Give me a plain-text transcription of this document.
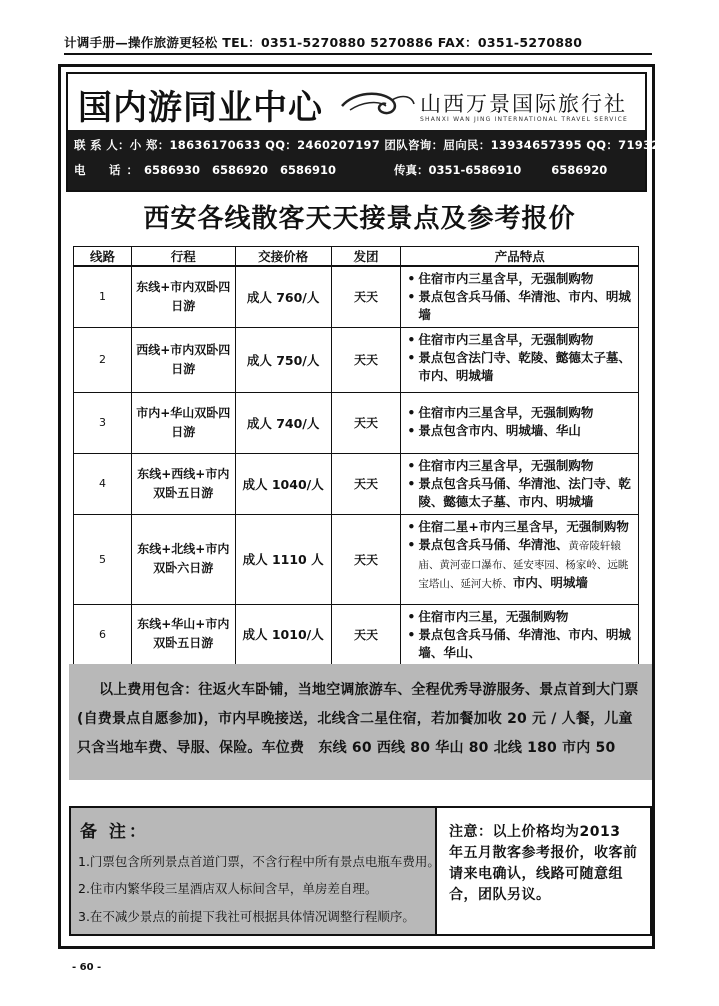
计调手册—操作旅游更轻松 TEL：0351-5270880 5270886 FAX：0351-5270880
国内游同业中心	山西万景国际旅行社
SHANXI WAN JING INTERNATIONAL TRAVEL SERVICE
联 系 人：小 郑：18636170633 QQ：2460207197 团队咨询：屈向民：13934657395 QQ：719329599
电　话：6586930 6586920 6586910	传真：0351-6586910	6586920
西安各线散客天天接景点及参考报价
线路	行程	交接价格	发团	产品特点
1	东线+市内双卧四日游	成人 760/人	天天	• 住宿市内三星含早，无强制购物
• 景点包含兵马俑、华清池、市内、明城墙

2	西线+市内双卧四日游	成人 750/人	天天	• 住宿市内三星含早，无强制购物
• 景点包含法门寺、乾陵、懿德太子墓、市内、明城墙

3	市内+华山双卧四日游	成人 740/人	天天	• 住宿市内三星含早，无强制购物
• 景点包含市内、明城墙、华山

4	东线+西线+市内双卧五日游	成人 1040/人	天天	• 住宿市内三星含早，无强制购物
• 景点包含兵马俑、华清池、法门寺、乾陵、懿德太子墓、市内、明城墙

5	东线+北线+市内双卧六日游	成人 1110 人	天天	• 住宿二星+市内三星含早，无强制购物
• 景点包含兵马俑、华清池、黄帝陵轩辕庙、黄河壶口瀑布、延安枣园、杨家岭、远眺宝塔山、延河大桥、市内、明城墙

6	东线+华山+市内双卧五日游	成人 1010/人	天天	• 住宿市内三星，无强制购物
• 景点包含兵马俑、华清池、市内、明城墙、华山、
以上费用包含：往返火车卧铺，当地空调旅游车、全程优秀导游服务、景点首到大门票(自费景点自愿参加)，市内早晚接送，北线含二星住宿，若加餐加收 20 元 / 人餐，儿童只含当地车费、导服、保险。车位费　东线 60 西线 80 华山 80 北线 180 市内 50
备 注：
1.门票包含所列景点首道门票，不含行程中所有景点电瓶车费用。
2.住市内繁华段三星酒店双人标间含早，单房差自理。
3.在不减少景点的前提下我社可根据具体情况调整行程顺序。
注意：以上价格均为2013 年五月散客参考报价，收客前请来电确认，线路可随意组合，团队另议。
- 60 -
